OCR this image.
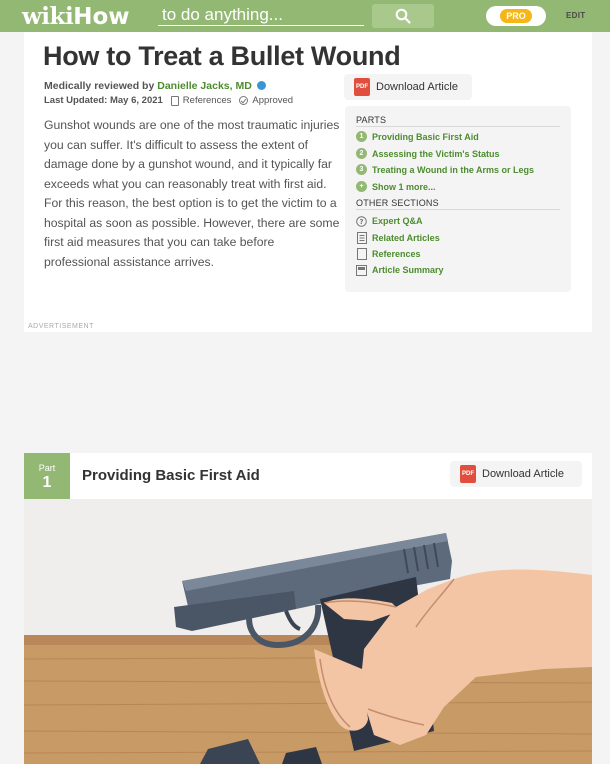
wiki How to do anything...	PRO	EDIT
How to Treat a Bullet Wound
Medically reviewed by Danielle Jacks, MD
Last Updated: May 6, 2021 References Approved
PDF Download Article

Gunshot wounds are one of the most traumatic injuries you can suffer. It's difficult to assess the extent of damage done by a gunshot wound, and it typically far exceeds what you can reasonably treat with first aid. For this reason, the best option is to get the victim to a hospital as soon as possible. However, there are some first aid measures that you can take before professional assistance arrives.

PARTS
1 Providing Basic First Aid
2 Assessing the Victim's Status
3 Treating a Wound in the Arms or Legs
+ Show 1 more...
OTHER SECTIONS
? Expert Q&A
Related Articles
References
Article Summary
ADVERTISEMENT
Part
1	Providing Basic First Aid	PDF Download Article
